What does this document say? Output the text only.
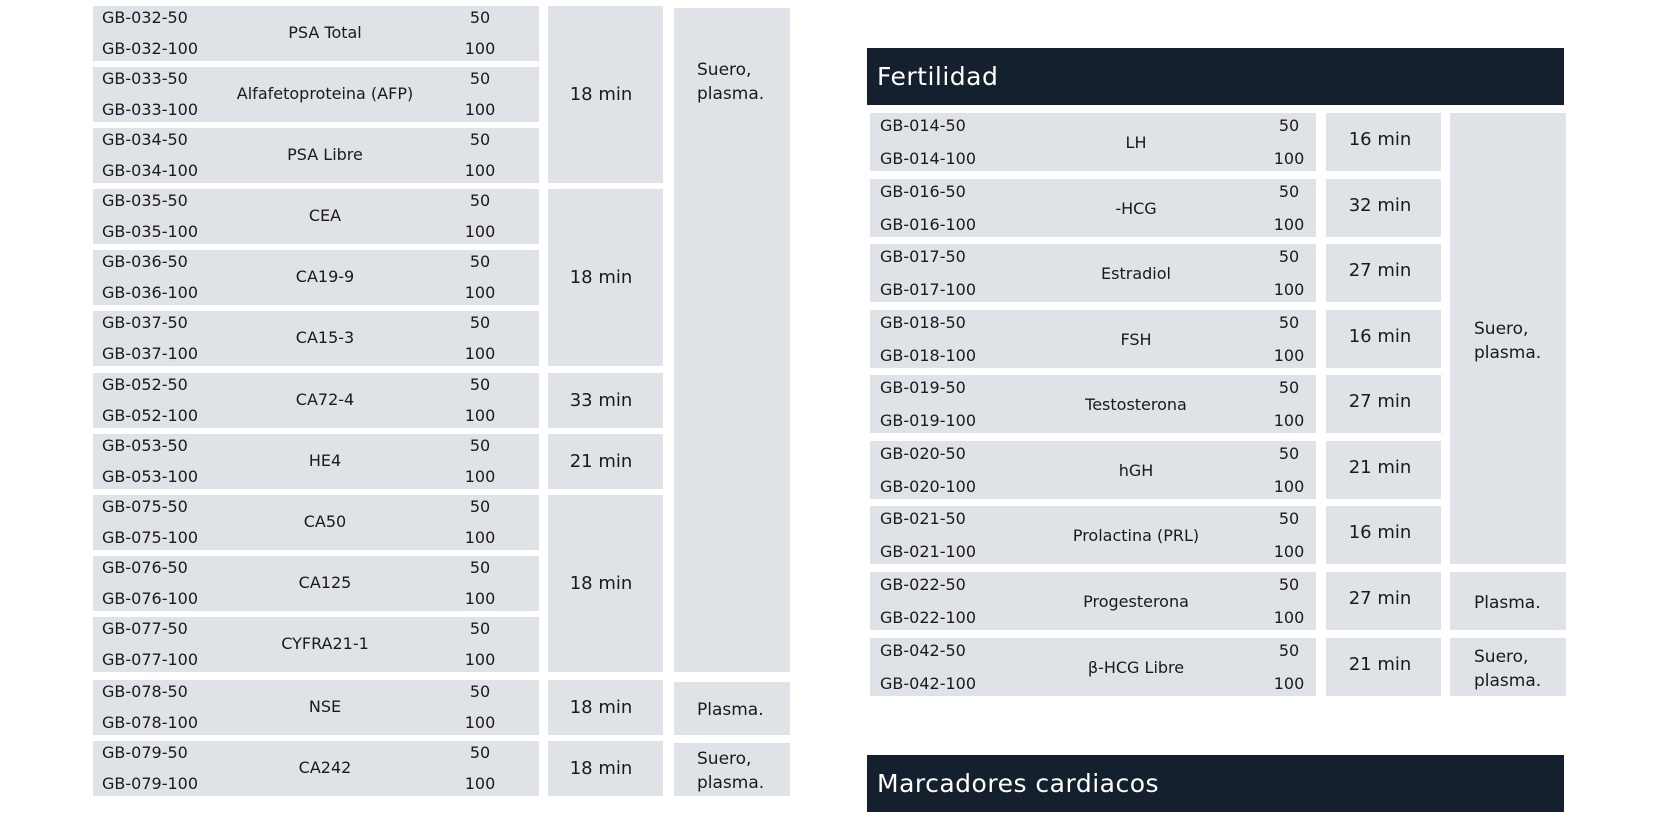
GB-032-50
GB-032-100
PSA Total
50
100
GB-033-50
GB-033-100
Alfafetoproteina (AFP)
50
100
GB-034-50
GB-034-100
PSA Libre
50
100
GB-035-50
GB-035-100
CEA
50
100
GB-036-50
GB-036-100
CA19-9
50
100
GB-037-50
GB-037-100
CA15-3
50
100
GB-052-50
GB-052-100
CA72-4
50
100
GB-053-50
GB-053-100
HE4
50
100
GB-075-50
GB-075-100
CA50
50
100
GB-076-50
GB-076-100
CA125
50
100
GB-077-50
GB-077-100
CYFRA21-1
50
100
GB-078-50
GB-078-100
NSE
50
100
GB-079-50
GB-079-100
CA242
50
100
18 min
18 min
33 min
21 min
18 min
18 min
18 min
Suero,
plasma.
Plasma.
Suero,
plasma.
Fertilidad
GB-014-50
GB-014-100
LH
50
100
16 min
GB-016-50
GB-016-100
-HCG
50
100
32 min
GB-017-50
GB-017-100
Estradiol
50
100
27 min
GB-018-50
GB-018-100
FSH
50
100
16 min
GB-019-50
GB-019-100
Testosterona
50
100
27 min
GB-020-50
GB-020-100
hGH
50
100
21 min
GB-021-50
GB-021-100
Prolactina (PRL)
50
100
16 min
GB-022-50
GB-022-100
Progesterona
50
100
27 min
GB-042-50
GB-042-100
β-HCG Libre
50
100
21 min
Suero,
plasma.
Plasma.
Suero,
plasma.
Marcadores cardiacos
